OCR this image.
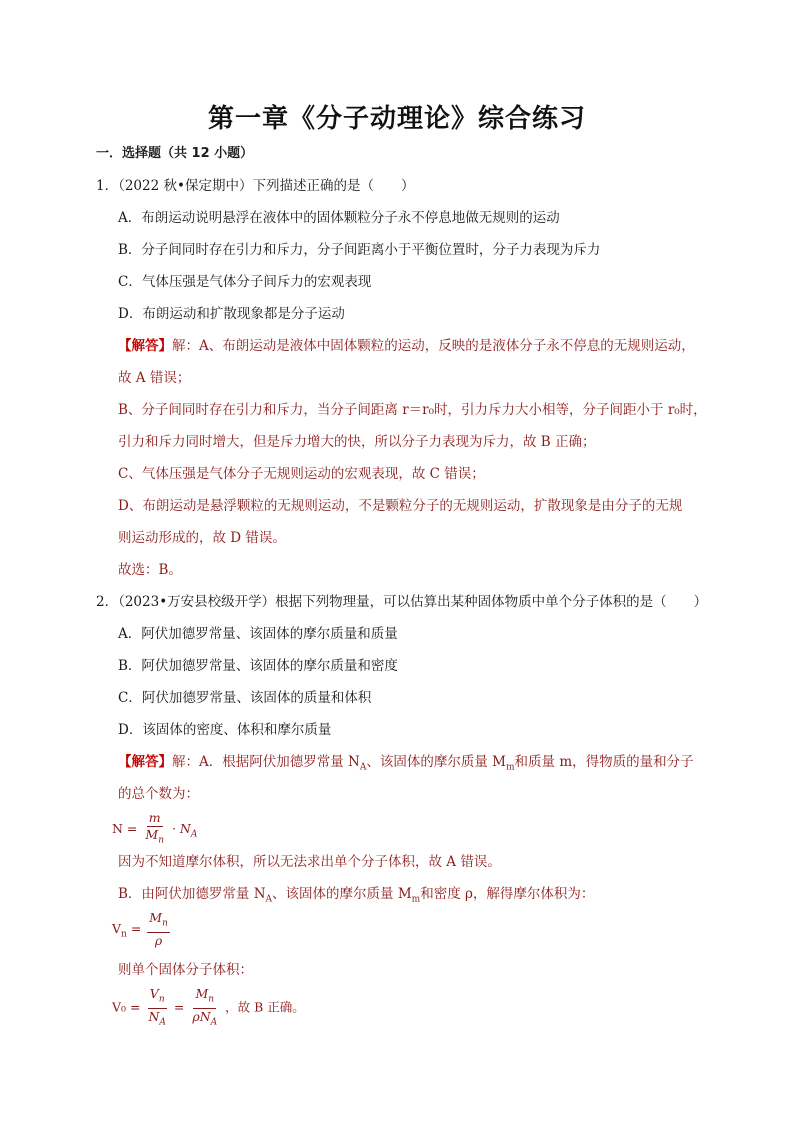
第一章《分子动理论》综合练习
一．选择题（共 12 小题）
1．（2022 秋•保定期中）下列描述正确的是（　　）
A．布朗运动说明悬浮在液体中的固体颗粒分子永不停息地做无规则的运动
B．分子间同时存在引力和斥力，分子间距离小于平衡位置时，分子力表现为斥力
C．气体压强是气体分子间斥力的宏观表现
D．布朗运动和扩散现象都是分子运动
【解答】解：A、布朗运动是液体中固体颗粒的运动，反映的是液体分子永不停息的无规则运动，
故 A 错误；
B、分子间同时存在引力和斥力，当分子间距离 r＝r₀时，引力斥力大小相等，分子间距小于 r₀时，
引力和斥力同时增大，但是斥力增大的快，所以分子力表现为斥力，故 B 正确；
C、气体压强是气体分子无规则运动的宏观表现，故 C 错误；
D、布朗运动是悬浮颗粒的无规则运动，不是颗粒分子的无规则运动，扩散现象是由分子的无规
则运动形成的，故 D 错误。
故选：B。
2．（2023•万安县校级开学）根据下列物理量，可以估算出某种固体物质中单个分子体积的是（　　）
A．阿伏加德罗常量、该固体的摩尔质量和质量
B．阿伏加德罗常量、该固体的摩尔质量和密度
C．阿伏加德罗常量、该固体的质量和体积
D．该固体的密度、体积和摩尔质量
【解答】解：A．根据阿伏加德罗常量 $N_A$、该固体的摩尔质量 $M_m$和质量 m，得物质的量和分子
的总个数为：
$N = \frac{m}{M_n} \cdot N_A$
因为不知道摩尔体积，所以无法求出单个分子体积，故 A 错误。
B．由阿伏加德罗常量 $N_A$、该固体的摩尔质量 $M_m$和密度 ρ，解得摩尔体积为：
$V_n = \frac{M_n}{\rho}$
则单个固体分子体积：
$V_0 = \frac{V_n}{N_A} = \frac{M_n}{\rho N_A}$ ，故 B 正确。
